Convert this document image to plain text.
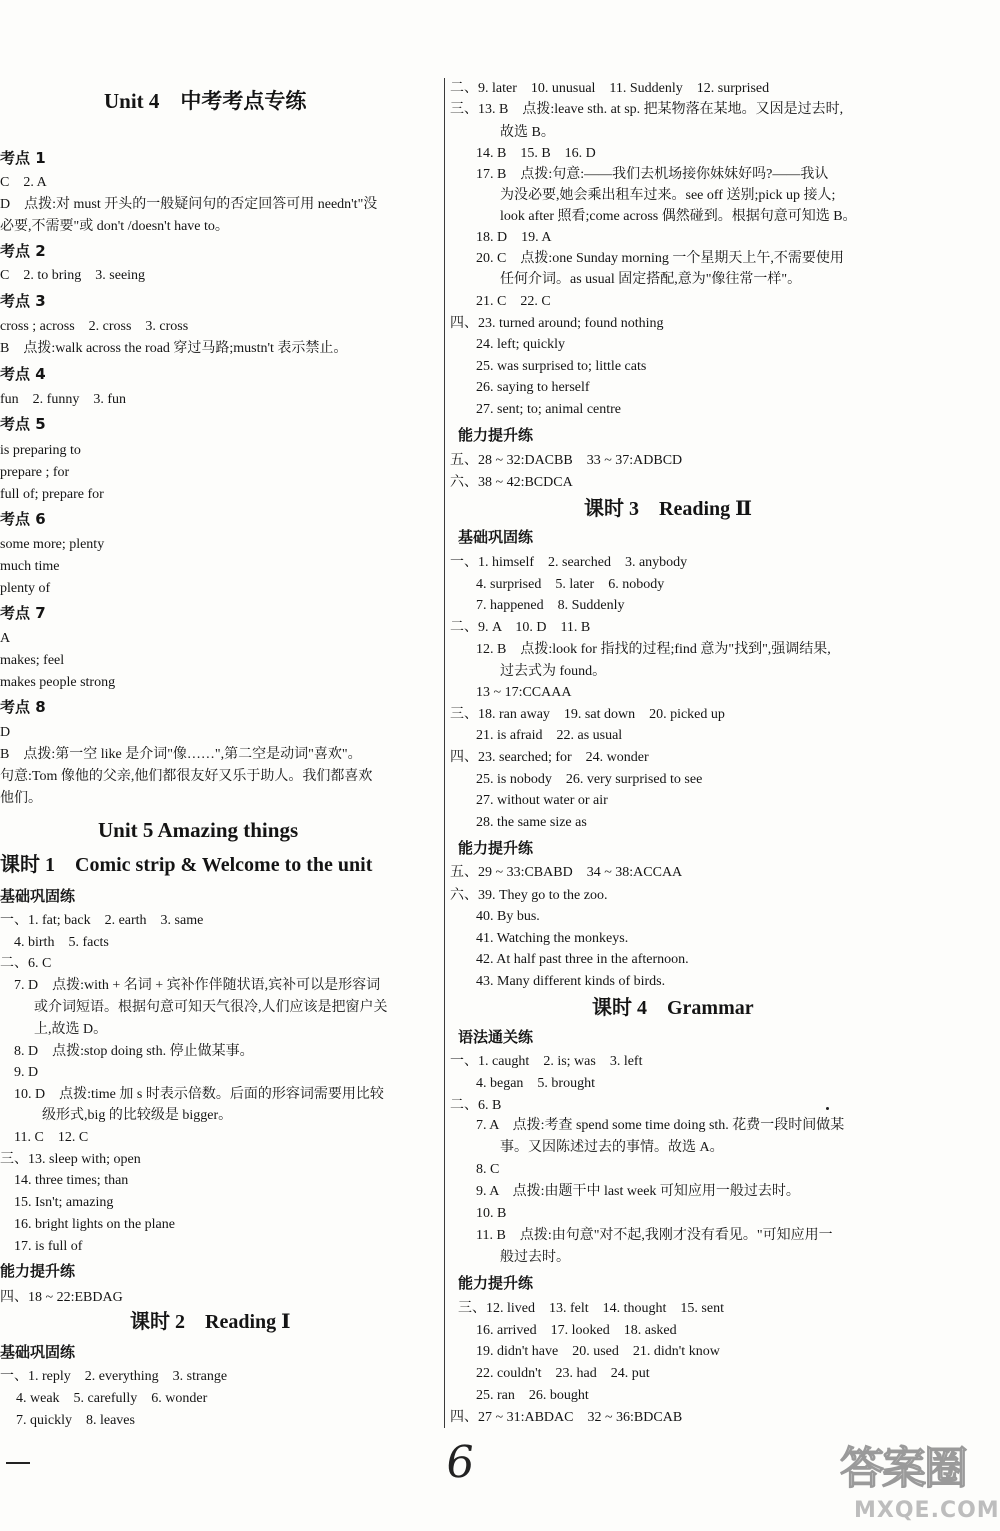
Unit 4　中考考点专练
考点 1
C　2. A
D　点拨:对 must 开头的一般疑问句的否定回答可用 needn't"没
必要,不需要"或 don't /doesn't have to。
考点 2
C　2. to bring　3. seeing
考点 3
cross ; across　2. cross　3. cross
B　点拨:walk across the road 穿过马路;mustn't 表示禁止。
考点 4
fun　2. funny　3. fun
考点 5
is preparing to
prepare ; for
full of; prepare for
考点 6
some more; plenty
much time
plenty of
考点 7
A
makes; feel
makes people strong
考点 8
D
B　点拨:第一空 like 是介词"像……",第二空是动词"喜欢"。
句意:Tom 像他的父亲,他们都很友好又乐于助人。我们都喜欢
他们。
Unit 5 Amazing things
课时 1　Comic strip & Welcome to the unit
基础巩固练
一、1. fat; back　2. earth　3. same
4. birth　5. facts
二、6. C
7. D　点拨:with + 名词 + 宾补作伴随状语,宾补可以是形容词
或介词短语。根据句意可知天气很冷,人们应该是把窗户关
上,故选 D。
8. D　点拨:stop doing sth. 停止做某事。
9. D
10. D　点拨:time 加 s 时表示倍数。后面的形容词需要用比较
级形式,big 的比较级是 bigger。
11. C　12. C
三、13. sleep with; open
14. three times; than
15. Isn't; amazing
16. bright lights on the plane
17. is full of
能力提升练
四、18 ~ 22:EBDAG
课时 2　Reading Ⅰ
基础巩固练
一、1. reply　2. everything　3. strange
4. weak　5. carefully　6. wonder
7. quickly　8. leaves
二、9. later　10. unusual　11. Suddenly　12. surprised
三、13. B　点拨:leave sth. at sp. 把某物落在某地。又因是过去时,
故选 B。
14. B　15. B　16. D
17. B　点拨:句意:——我们去机场接你妹妹好吗?——我认
为没必要,她会乘出租车过来。see off 送别;pick up 接人;
look after 照看;come across 偶然碰到。根据句意可知选 B。
18. D　19. A
20. C　点拨:one Sunday morning 一个星期天上午,不需要使用
任何介词。as usual 固定搭配,意为"像往常一样"。
21. C　22. C
四、23. turned around; found nothing
24. left; quickly
25. was surprised to; little cats
26. saying to herself
27. sent; to; animal centre
能力提升练
五、28 ~ 32:DACBB　33 ~ 37:ADBCD
六、38 ~ 42:BCDCA
课时 3　Reading Ⅱ
基础巩固练
一、1. himself　2. searched　3. anybody
4. surprised　5. later　6. nobody
7. happened　8. Suddenly
二、9. A　10. D　11. B
12. B　点拨:look for 指找的过程;find 意为"找到",强调结果,
过去式为 found。
13 ~ 17:CCAAA
三、18. ran away　19. sat down　20. picked up
21. is afraid　22. as usual
四、23. searched; for　24. wonder
25. is nobody　26. very surprised to see
27. without water or air
28. the same size as
能力提升练
五、29 ~ 33:CBABD　34 ~ 38:ACCAA
六、39. They go to the zoo.
40. By bus.
41. Watching the monkeys.
42. At half past three in the afternoon.
43. Many different kinds of birds.
课时 4　Grammar
语法通关练
一、1. caught　2. is; was　3. left
4. began　5. brought
二、6. B
7. A　点拨:考查 spend some time doing sth. 花费一段时间做某
事。又因陈述过去的事情。故选 A。
8. C
9. A　点拨:由题干中 last week 可知应用一般过去时。
10. B
11. B　点拨:由句意"对不起,我刚才没有看见。"可知应用一
般过去时。
能力提升练
三、12. lived　13. felt　14. thought　15. sent
16. arrived　17. looked　18. asked
19. didn't have　20. used　21. didn't know
22. couldn't　23. had　24. put
25. ran　26. bought
四、27 ~ 31:ABDAC　32 ~ 36:BDCAB
6	答案圈
MXQE.COM
